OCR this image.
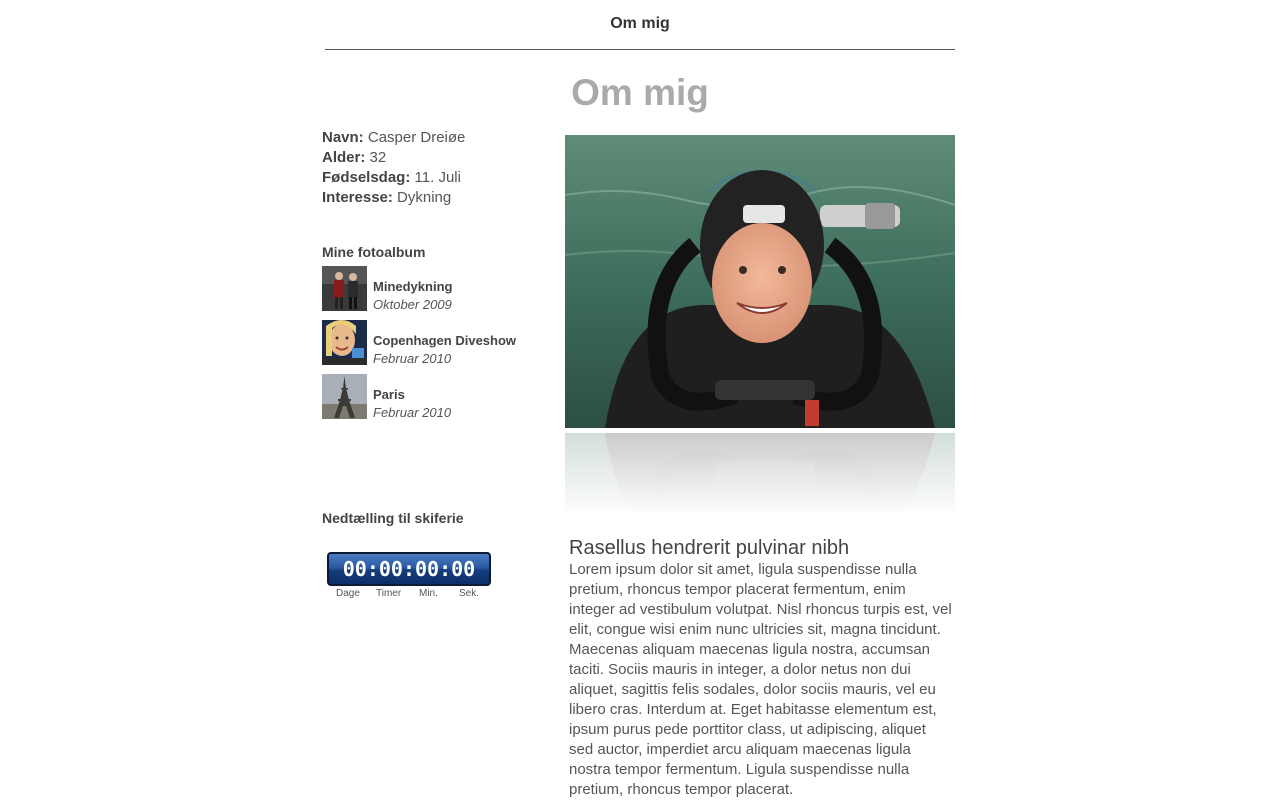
Om mig
Om mig
Navn: Casper Dreiøe
Alder: 32
Fødselsdag: 11. Juli
Interesse: Dykning
Mine fotoalbum
Minedykning
Oktober 2009
Copenhagen Diveshow
Februar 2010
Paris
Februar 2010
Nedtælling til skiferie
00:00:00:00
Dage Timer Min. Sek.
Rasellus hendrerit pulvinar nibh

Lorem ipsum dolor sit amet, ligula suspendisse nulla pretium, rhoncus tempor placerat fermentum, enim integer ad vestibulum volutpat. Nisl rhoncus turpis est, vel elit, congue wisi enim nunc ultricies sit, magna tincidunt. Maecenas aliquam maecenas ligula nostra, accumsan taciti. Sociis mauris in integer, a dolor netus non dui aliquet, sagittis felis sodales, dolor sociis mauris, vel eu libero cras. Interdum at. Eget habitasse elementum est, ipsum purus pede porttitor class, ut adipiscing, aliquet sed auctor, imperdiet arcu aliquam maecenas ligula nostra tempor fermentum. Ligula suspendisse nulla pretium, rhoncus tempor placerat.
